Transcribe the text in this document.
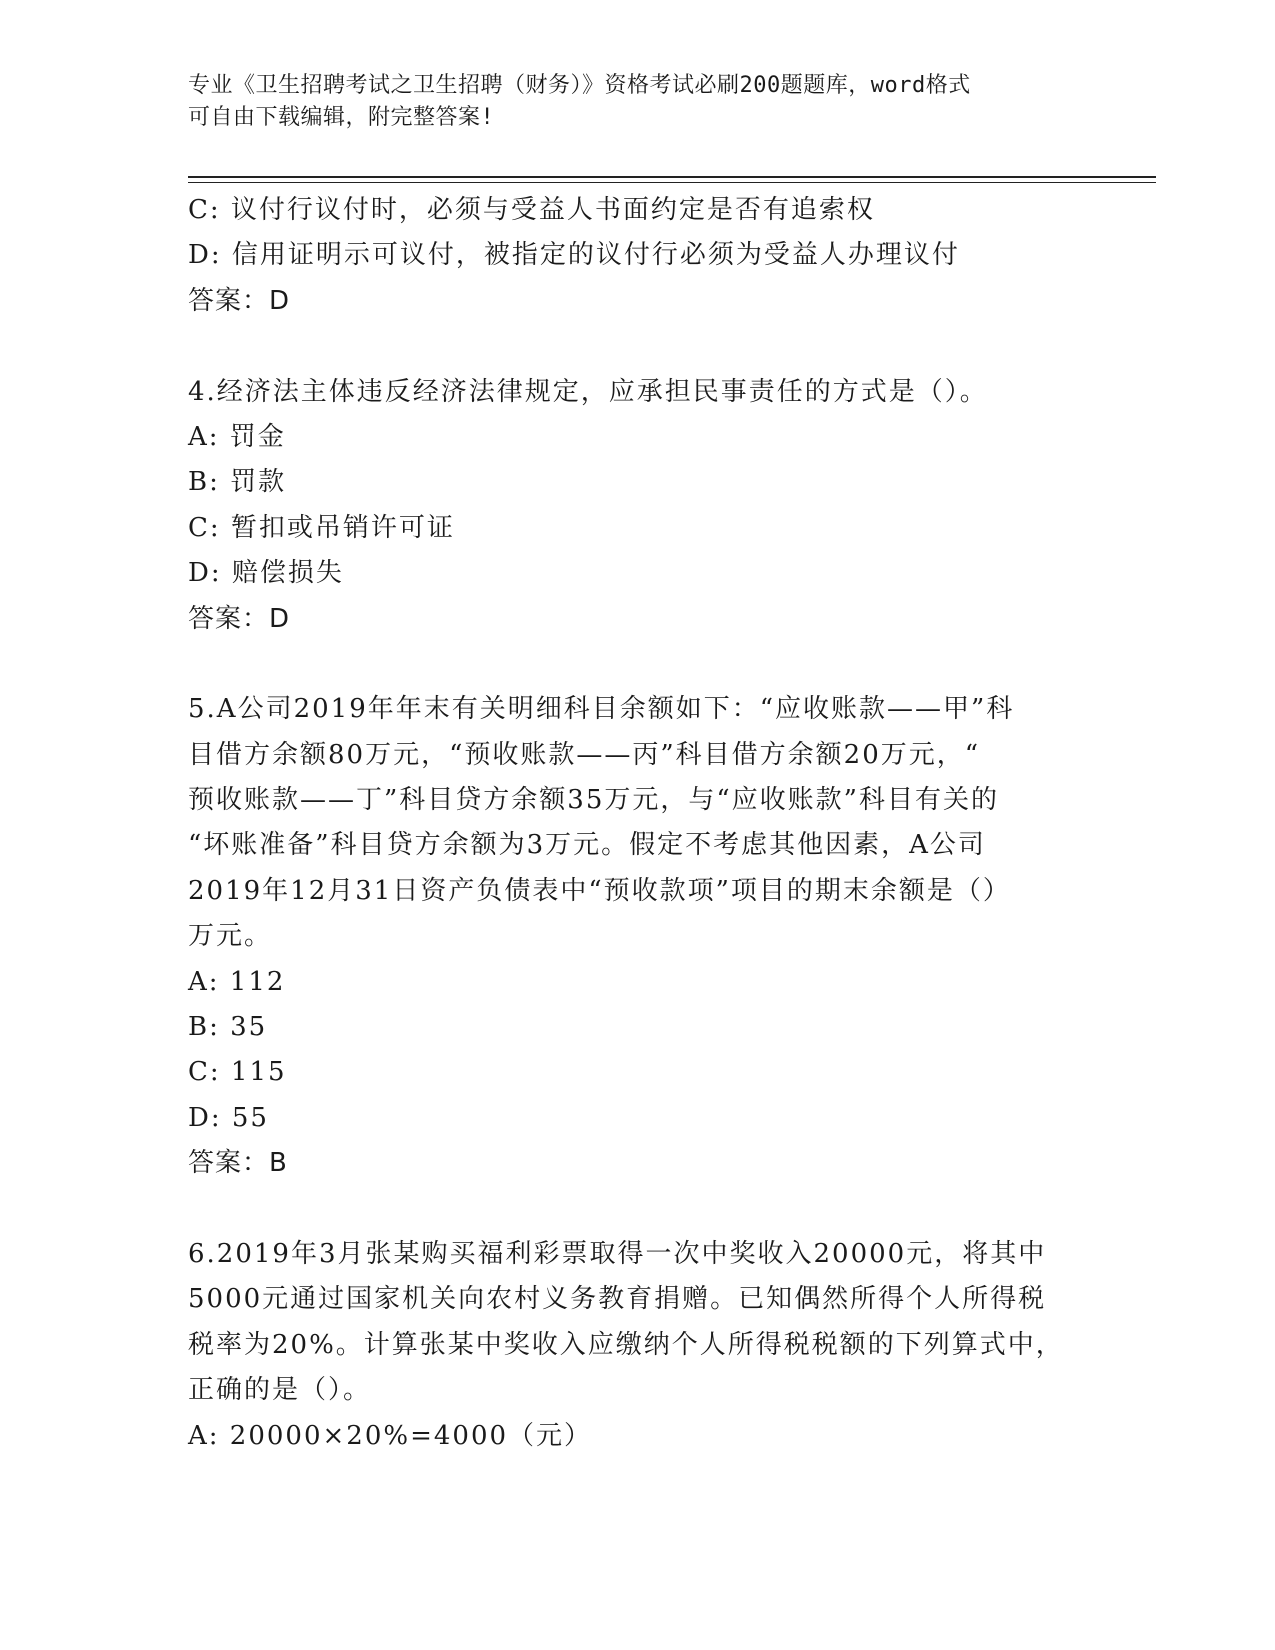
专业《卫生招聘考试之卫生招聘（财务）》资格考试必刷200题题库，word格式
可自由下载编辑，附完整答案!
C: 议付行议付时，必须与受益人书面约定是否有追索权
D: 信用证明示可议付，被指定的议付行必须为受益人办理议付
答案：D
4.经济法主体违反经济法律规定，应承担民事责任的方式是（）。
A: 罚金
B: 罚款
C: 暂扣或吊销许可证
D: 赔偿损失
答案：D
5.A公司2019年年末有关明细科目余额如下：“应收账款——甲”科
目借方余额80万元，“预收账款——丙”科目借方余额20万元，“
预收账款——丁”科目贷方余额35万元，与“应收账款”科目有关的
“坏账准备”科目贷方余额为3万元。假定不考虑其他因素，A公司
2019年12月31日资产负债表中“预收款项”项目的期末余额是（）
万元。
A: 112
B: 35
C: 115
D: 55
答案：B
6.2019年3月张某购买福利彩票取得一次中奖收入20000元，将其中
5000元通过国家机关向农村义务教育捐赠。已知偶然所得个人所得税
税率为20%。计算张某中奖收入应缴纳个人所得税税额的下列算式中，
正确的是（）。
A: 20000×20%=4000（元）
